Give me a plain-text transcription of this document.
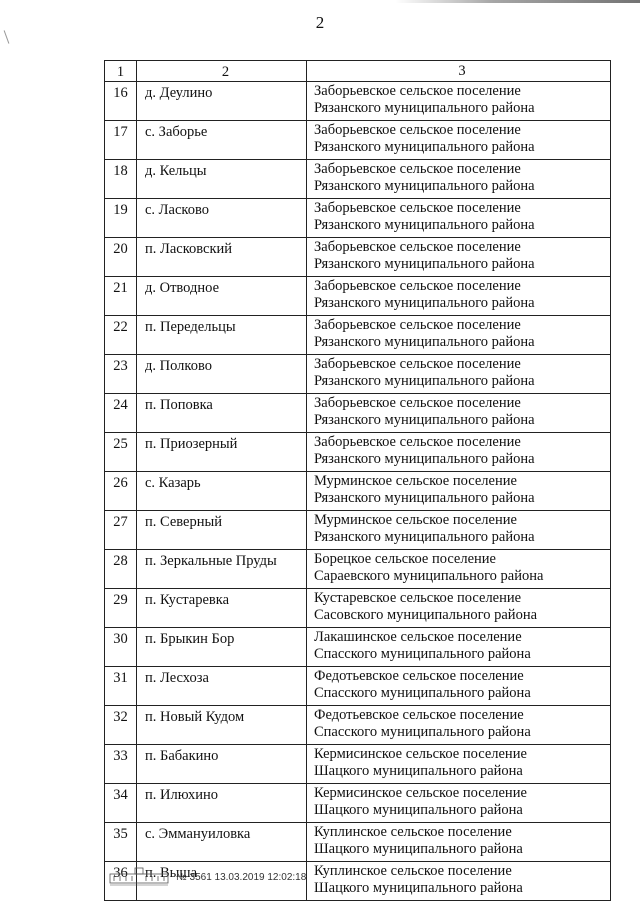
2
1	2	3
16	д. Деулино	Заборьевское сельское поселение
Рязанского муниципального района

17	с. Заборье	Заборьевское сельское поселение
Рязанского муниципального района

18	д. Кельцы	Заборьевское сельское поселение
Рязанского муниципального района

19	с. Ласково	Заборьевское сельское поселение
Рязанского муниципального района

20	п. Ласковский	Заборьевское сельское поселение
Рязанского муниципального района

21	д. Отводное	Заборьевское сельское поселение
Рязанского муниципального района

22	п. Передельцы	Заборьевское сельское поселение
Рязанского муниципального района

23	д. Полково	Заборьевское сельское поселение
Рязанского муниципального района

24	п. Поповка	Заборьевское сельское поселение
Рязанского муниципального района

25	п. Приозерный	Заборьевское сельское поселение
Рязанского муниципального района

26	с. Казарь	Мурминское сельское поселение
Рязанского муниципального района

27	п. Северный	Мурминское сельское поселение
Рязанского муниципального района

28	п. Зеркальные Пруды	Борецкое сельское поселение
Сараевского муниципального района

29	п. Кустаревка	Кустаревское сельское поселение
Сасовского муниципального района

30	п. Брыкин Бор	Лакашинское сельское поселение
Спасского муниципального района

31	п. Лесхоза	Федотьевское сельское поселение
Спасского муниципального района

32	п. Новый Кудом	Федотьевское сельское поселение
Спасского муниципального района

33	п. Бабакино	Кермисинское сельское поселение
Шацкого муниципального района

34	п. Илюхино	Кермисинское сельское поселение
Шацкого муниципального района

35	с. Эммануиловка	Куплинское сельское поселение
Шацкого муниципального района

36	п. Выша	Куплинское сельское поселение
Шацкого муниципального района
№ 3561 13.03.2019 12:02:18
